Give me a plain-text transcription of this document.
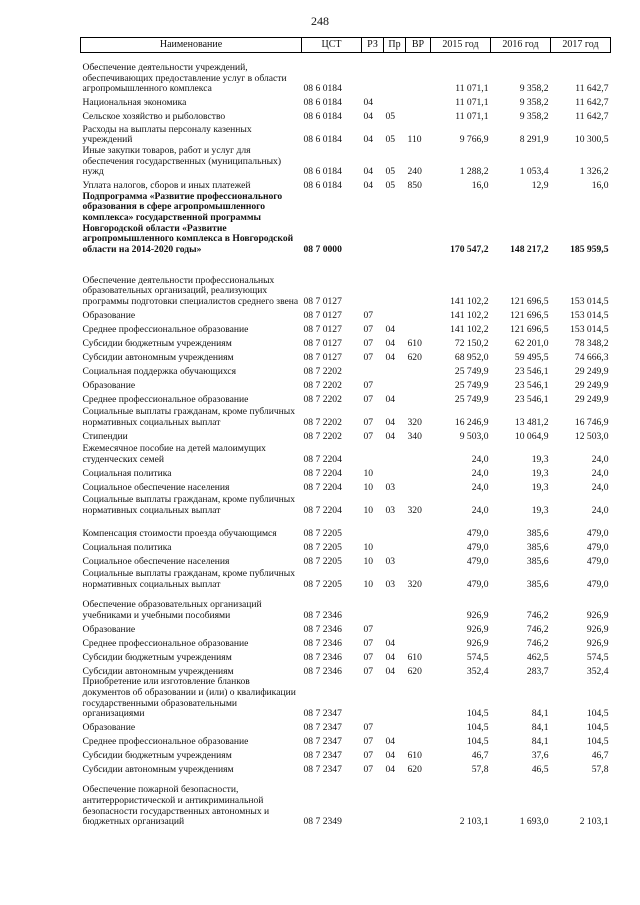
248
Наименование	ЦСТ	РЗ	Пр	ВР	2015 год	2016 год	2017 год
Обеспечение деятельности учреждений, обеспечивающих предоставление услуг в области агропромышленного комплекса	08 6 0184				11 071,1	9 358,2	11 642,7
Национальная экономика	08 6 0184	04			11 071,1	9 358,2	11 642,7
Сельское хозяйство и рыболовство	08 6 0184	04	05		11 071,1	9 358,2	11 642,7
Расходы на выплаты персоналу казенных учреждений	08 6 0184	04	05	110	9 766,9	8 291,9	10 300,5
Иные закупки товаров, работ и услуг для обеспечения государственных (муниципальных) нужд	08 6 0184	04	05	240	1 288,2	1 053,4	1 326,2
Уплата налогов, сборов и иных платежей	08 6 0184	04	05	850	16,0	12,9	16,0
Подпрограмма «Развитие профессионального образования в сфере агропромышленного комплекса» государственной программы Новгородской области «Развитие агропромышленного комплекса в Новгородской области на 2014-2020 годы»	08 7 0000				170 547,2	148 217,2	185 959,5
Обеспечение деятельности профессиональных образовательных организаций, реализующих программы подготовки специалистов среднего звена	08 7 0127				141 102,2	121 696,5	153 014,5
Образование	08 7 0127	07			141 102,2	121 696,5	153 014,5
Среднее профессиональное образование	08 7 0127	07	04		141 102,2	121 696,5	153 014,5
Субсидии бюджетным учреждениям	08 7 0127	07	04	610	72 150,2	62 201,0	78 348,2
Субсидии автономным учреждениям	08 7 0127	07	04	620	68 952,0	59 495,5	74 666,3
Социальная поддержка обучающихся	08 7 2202				25 749,9	23 546,1	29 249,9
Образование	08 7 2202	07			25 749,9	23 546,1	29 249,9
Среднее профессиональное образование	08 7 2202	07	04		25 749,9	23 546,1	29 249,9
Социальные выплаты гражданам, кроме публичных нормативных социальных выплат	08 7 2202	07	04	320	16 246,9	13 481,2	16 746,9
Стипендии	08 7 2202	07	04	340	9 503,0	10 064,9	12 503,0
Ежемесячное пособие на детей малоимущих студенческих семей	08 7 2204				24,0	19,3	24,0
Социальная политика	08 7 2204	10			24,0	19,3	24,0
Социальное обеспечение населения	08 7 2204	10	03		24,0	19,3	24,0
Социальные выплаты гражданам, кроме публичных нормативных социальных выплат	08 7 2204	10	03	320	24,0	19,3	24,0
Компенсация стоимости проезда обучающимся	08 7 2205				479,0	385,6	479,0
Социальная политика	08 7 2205	10			479,0	385,6	479,0
Социальное обеспечение населения	08 7 2205	10	03		479,0	385,6	479,0
Социальные выплаты гражданам, кроме публичных нормативных социальных выплат	08 7 2205	10	03	320	479,0	385,6	479,0
Обеспечение образовательных организаций учебниками и учебными пособиями	08 7 2346				926,9	746,2	926,9
Образование	08 7 2346	07			926,9	746,2	926,9
Среднее профессиональное образование	08 7 2346	07	04		926,9	746,2	926,9
Субсидии бюджетным учреждениям	08 7 2346	07	04	610	574,5	462,5	574,5
Субсидии автономным учреждениям	08 7 2346	07	04	620	352,4	283,7	352,4
Приобретение или изготовление бланков документов об образовании и (или) о квалификации государственными образовательными организациями	08 7 2347				104,5	84,1	104,5
Образование	08 7 2347	07			104,5	84,1	104,5
Среднее профессиональное образование	08 7 2347	07	04		104,5	84,1	104,5
Субсидии бюджетным учреждениям	08 7 2347	07	04	610	46,7	37,6	46,7
Субсидии автономным учреждениям	08 7 2347	07	04	620	57,8	46,5	57,8
Обеспечение пожарной безопасности, антитеррористической и антикриминальной безопасности государственных автономных и бюджетных организаций	08 7 2349				2 103,1	1 693,0	2 103,1
